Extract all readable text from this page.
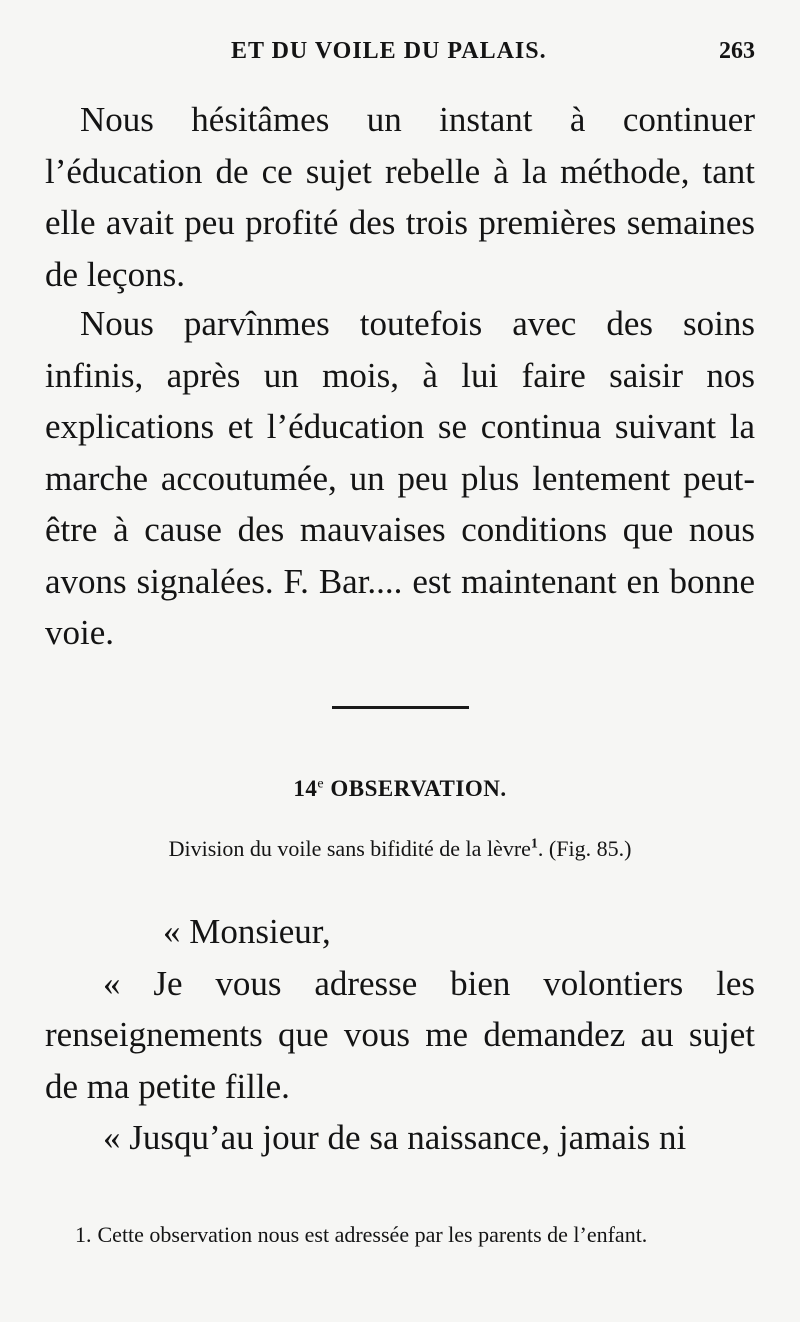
ET DU VOILE DU PALAIS.	263

Nous hésitâmes un instant à continuer l’éducation de ce sujet rebelle à la méthode, tant elle avait peu profité des trois premières semaines de leçons.

Nous parvînmes toutefois avec des soins infinis, après un mois, à lui faire saisir nos explications et l’éducation se continua suivant la marche accoutumée, un peu plus lentement peut-être à cause des mauvaises conditions que nous avons signalées. F. Bar.... est maintenant en bonne voie.

14e OBSERVATION.
Division du voile sans bifidité de la lèvre$^1$. (Fig. 85.)

« Monsieur,

« Je vous adresse bien volontiers les renseignements que vous me demandez au sujet de ma petite fille.

« Jusqu’au jour de sa naissance, jamais ni

1. Cette observation nous est adressée par les parents de l’enfant.
